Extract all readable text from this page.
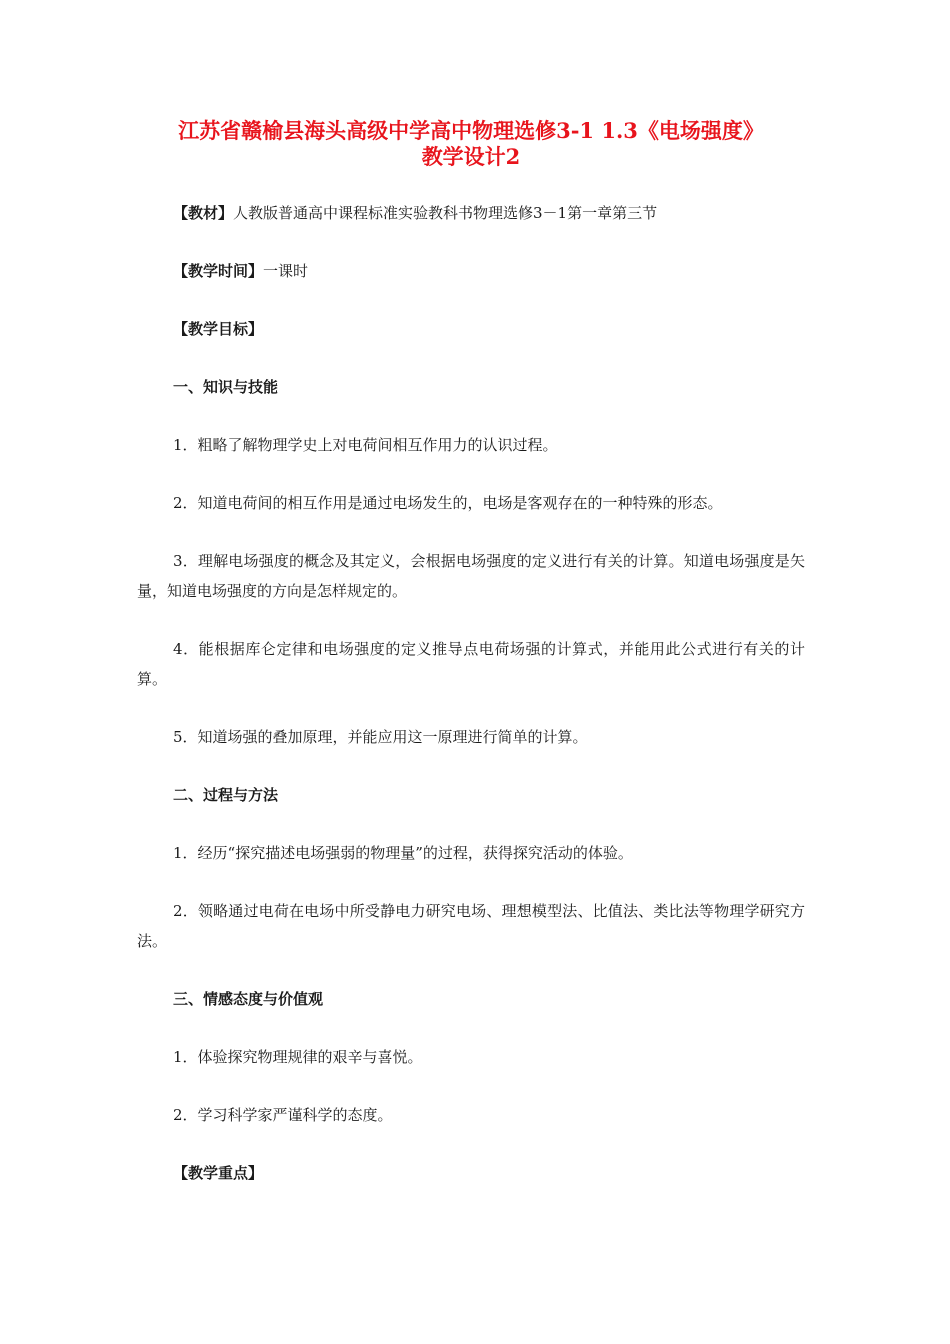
江苏省赣榆县海头高级中学高中物理选修3-1 1.3《电场强度》
教学设计2

【教材】人教版普通高中课程标准实验教科书物理选修3－1第一章第三节

【教学时间】一课时

【教学目标】

一、知识与技能

1．粗略了解物理学史上对电荷间相互作用力的认识过程。

2．知道电荷间的相互作用是通过电场发生的，电场是客观存在的一种特殊的形态。

3．理解电场强度的概念及其定义，会根据电场强度的定义进行有关的计算。知道电场强度是矢量，知道电场强度的方向是怎样规定的。

4．能根据库仑定律和电场强度的定义推导点电荷场强的计算式，并能用此公式进行有关的计算。

5．知道场强的叠加原理，并能应用这一原理进行简单的计算。

二、过程与方法

1．经历“探究描述电场强弱的物理量”的过程，获得探究活动的体验。

2．领略通过电荷在电场中所受静电力研究电场、理想模型法、比值法、类比法等物理学研究方法。

三、情感态度与价值观

1．体验探究物理规律的艰辛与喜悦。

2．学习科学家严谨科学的态度。

【教学重点】
